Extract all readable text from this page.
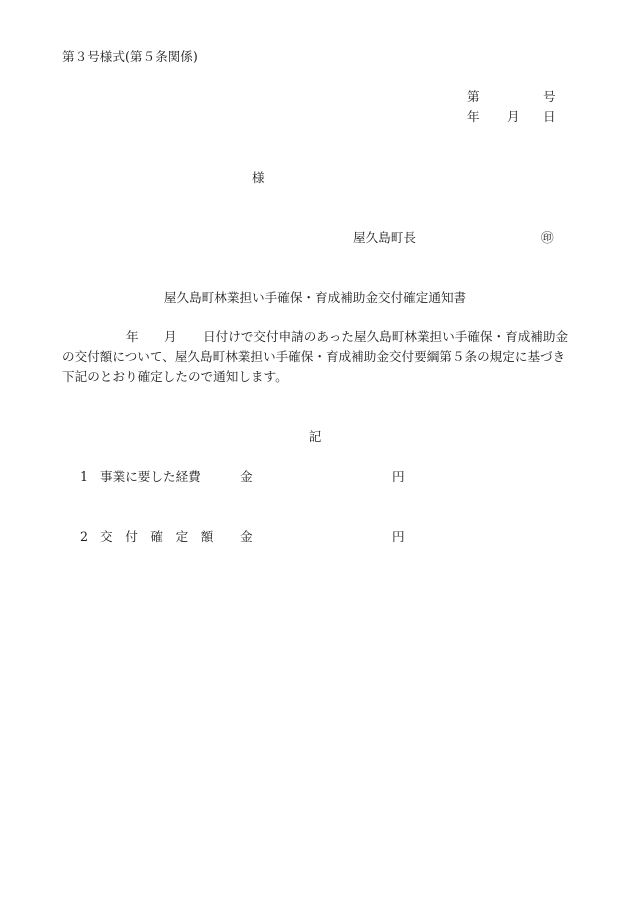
第３号様式(第５条関係)
第	号
年 月 日
様
屋久島町長	㊞
屋久島町林業担い手確保・育成補助金交付確定通知書
年 月 日付けで交付申請のあった屋久島町林業担い手確保・育成補助金
の交付額について、屋久島町林業担い手確保・育成補助金交付要綱第５条の規定に基づき
下記のとおり確定したので通知します。
記
1 事業に要した経費	金	円
2 交　付　確　定　額 金	円
